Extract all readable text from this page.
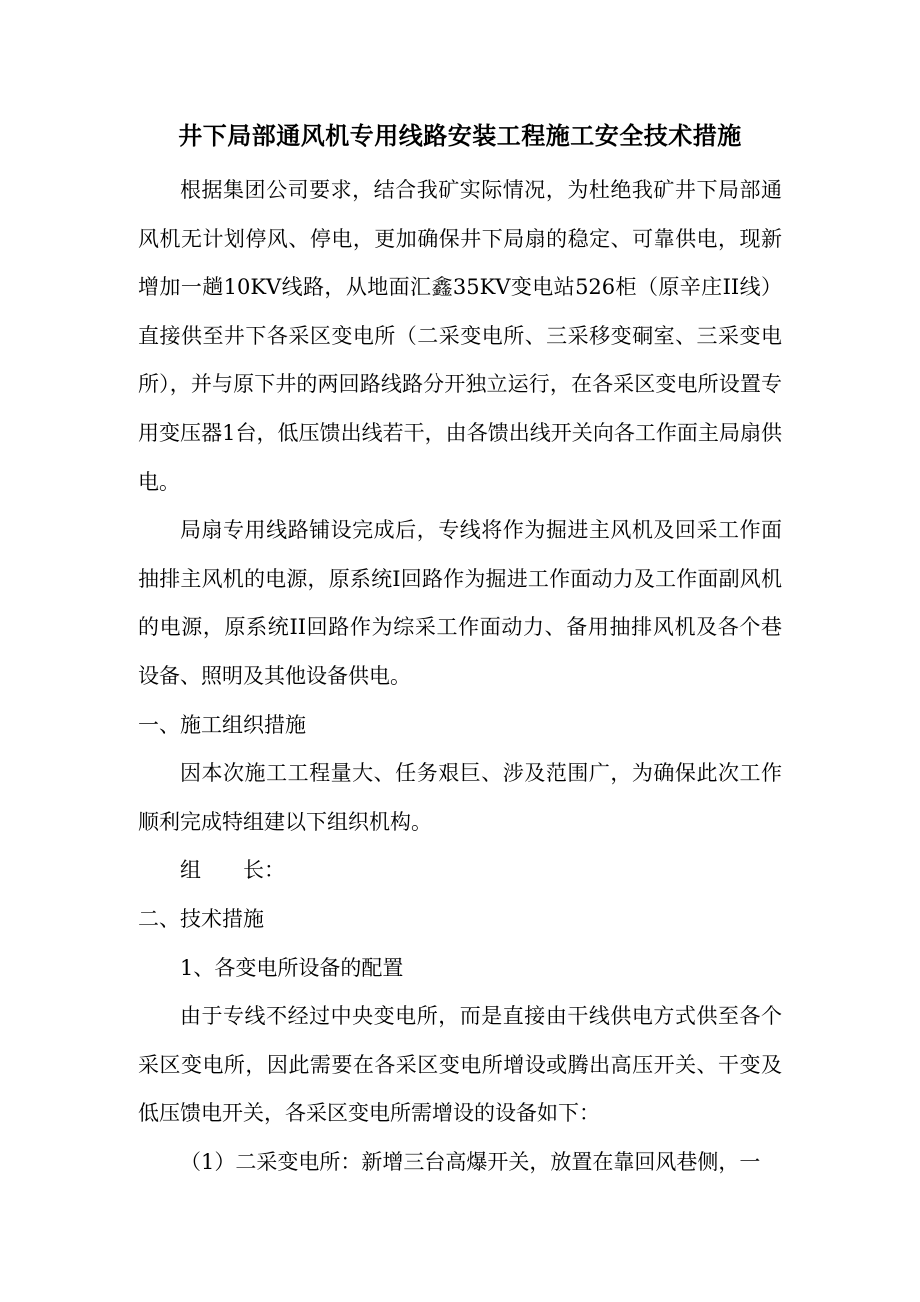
井下局部通风机专用线路安装工程施工安全技术措施

根据集团公司要求，结合我矿实际情况，为杜绝我矿井下局部通风机无计划停风、停电，更加确保井下局扇的稳定、可靠供电，现新增加一趟10KV线路，从地面汇鑫35KV变电站526柜（原辛庄II线）直接供至井下各采区变电所（二采变电所、三采移变硐室、三采变电所），并与原下井的两回路线路分开独立运行，在各采区变电所设置专用变压器1台，低压馈出线若干，由各馈出线开关向各工作面主局扇供电。

局扇专用线路铺设完成后，专线将作为掘进主风机及回采工作面抽排主风机的电源，原系统I回路作为掘进工作面动力及工作面副风机的电源，原系统II回路作为综采工作面动力、备用抽排风机及各个巷设备、照明及其他设备供电。

一、施工组织措施

因本次施工工程量大、任务艰巨、涉及范围广，为确保此次工作顺利完成特组建以下组织机构。

组　　长：

二、技术措施

1、各变电所设备的配置

由于专线不经过中央变电所，而是直接由干线供电方式供至各个采区变电所，因此需要在各采区变电所增设或腾出高压开关、干变及低压馈电开关，各采区变电所需增设的设备如下：

（1）二采变电所：新增三台高爆开关，放置在靠回风巷侧，一
